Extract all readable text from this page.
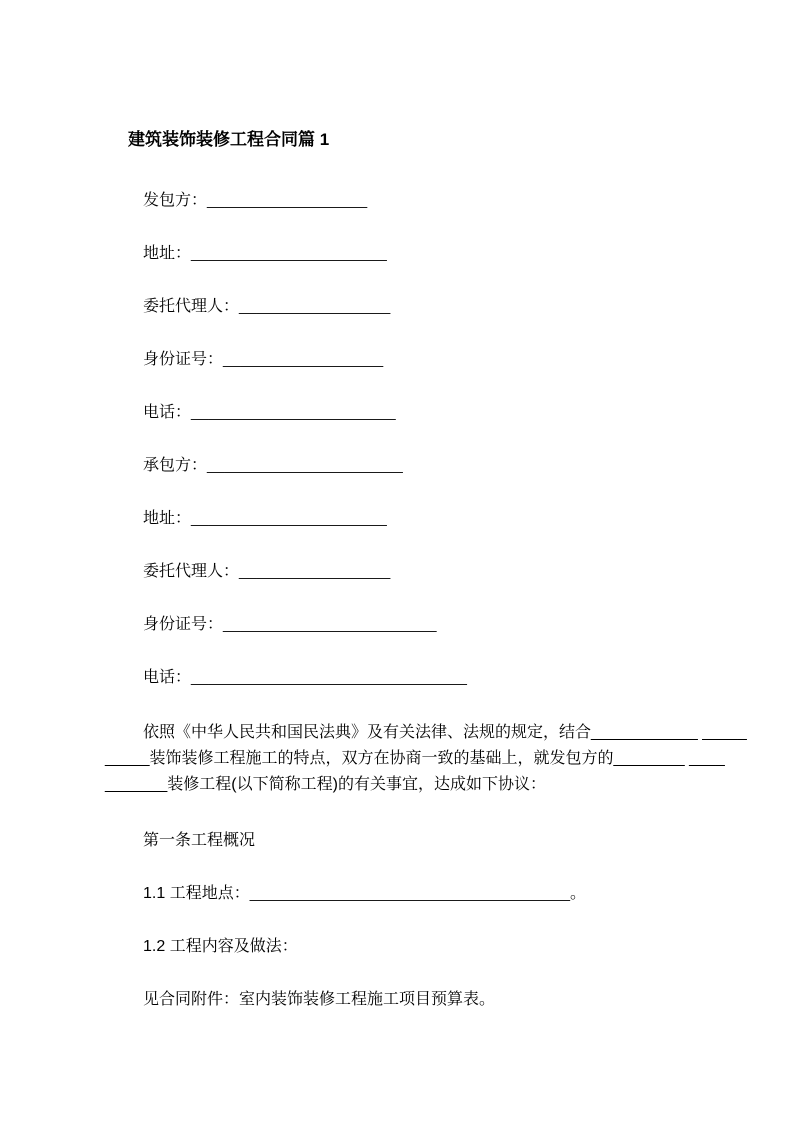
建筑装饰装修工程合同篇 1
发包方：__________________
地址：______________________
委托代理人：_________________
身份证号：__________________
电话：_______________________
承包方：______________________
地址：______________________
委托代理人：_________________
身份证号：________________________
电话：_______________________________
依照《中华人民共和国民法典》及有关法律、法规的规定，结合____________ _____
_____装饰装修工程施工的特点，双方在协商一致的基础上，就发包方的________ ____
_______装修工程(以下简称工程)的有关事宜，达成如下协议：
第一条工程概况
1.1 工程地点：____________________________________。
1.2 工程内容及做法：
见合同附件：室内装饰装修工程施工项目预算表。
